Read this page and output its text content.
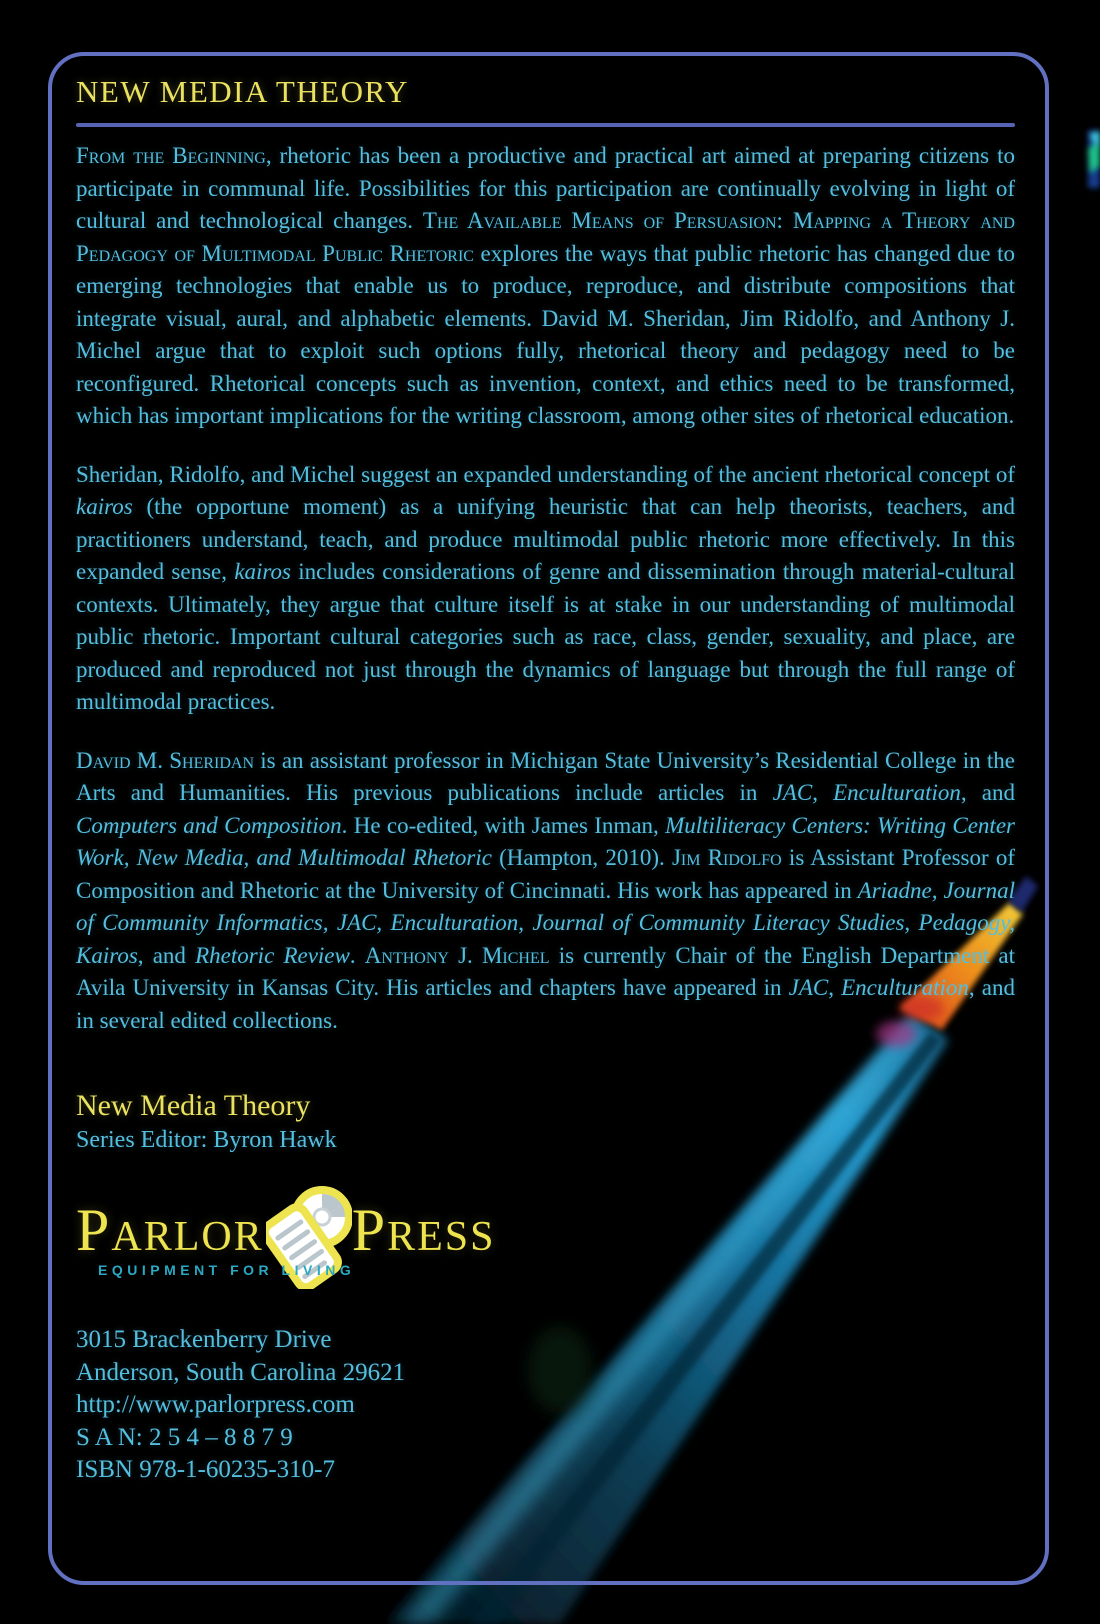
NEW MEDIA THEORY

From the Beginning, rhetoric has been a productive and practical art aimed at preparing citizens to participate in communal life. Possibilities for this participation are continually evolving in light of cultural and technological changes. The Available Means of Persuasion: Mapping a Theory and Pedagogy of Multimodal Public Rhetoric explores the ways that public rhetoric has changed due to emerging technologies that enable us to produce, reproduce, and distribute compositions that integrate visual, aural, and alphabetic elements. David M. Sheridan, Jim Ridolfo, and Anthony J. Michel argue that to exploit such options fully, rhetorical theory and pedagogy need to be reconfigured. Rhetorical concepts such as invention, context, and ethics need to be transformed, which has important implications for the writing classroom, among other sites of rhetorical education.

Sheridan, Ridolfo, and Michel suggest an expanded understanding of the ancient rhetorical concept of kairos (the opportune moment) as a unifying heuristic that can help theorists, teachers, and practitioners understand, teach, and produce multimodal public rhetoric more effectively. In this expanded sense, kairos includes considerations of genre and dissemination through material-cultural contexts. Ultimately, they argue that culture itself is at stake in our understanding of multimodal public rhetoric. Important cultural categories such as race, class, gender, sexuality, and place, are produced and reproduced not just through the dynamics of language but through the full range of multimodal practices.

David M. Sheridan is an assistant professor in Michigan State University’s Residential College in the Arts and Humanities. His previous publications include articles in JAC, Enculturation, and Computers and Composition. He co-edited, with James Inman, Multiliteracy Centers: Writing Center Work, New Media, and Multimodal Rhetoric (Hampton, 2010). Jim Ridolfo is Assistant Professor of Composition and Rhetoric at the University of Cincinnati. His work has appeared in Ariadne, Journal of Community Informatics, JAC, Enculturation, Journal of Community Literacy Studies, Pedagogy, Kairos, and Rhetoric Review. Anthony J. Michel is currently Chair of the English Department at Avila University in Kansas City. His articles and chapters have appeared in JAC, Enculturation, and in several edited collections.

New Media Theory

Series Editor: Byron Hawk

Parlor Press
EQUIPMENT FOR LIVING
3015 Brackenberry Drive
Anderson, South Carolina 29621
http://www.parlorpress.com
S A N: 2 5 4 – 8 8 7 9
ISBN 978-1-60235-310-7
